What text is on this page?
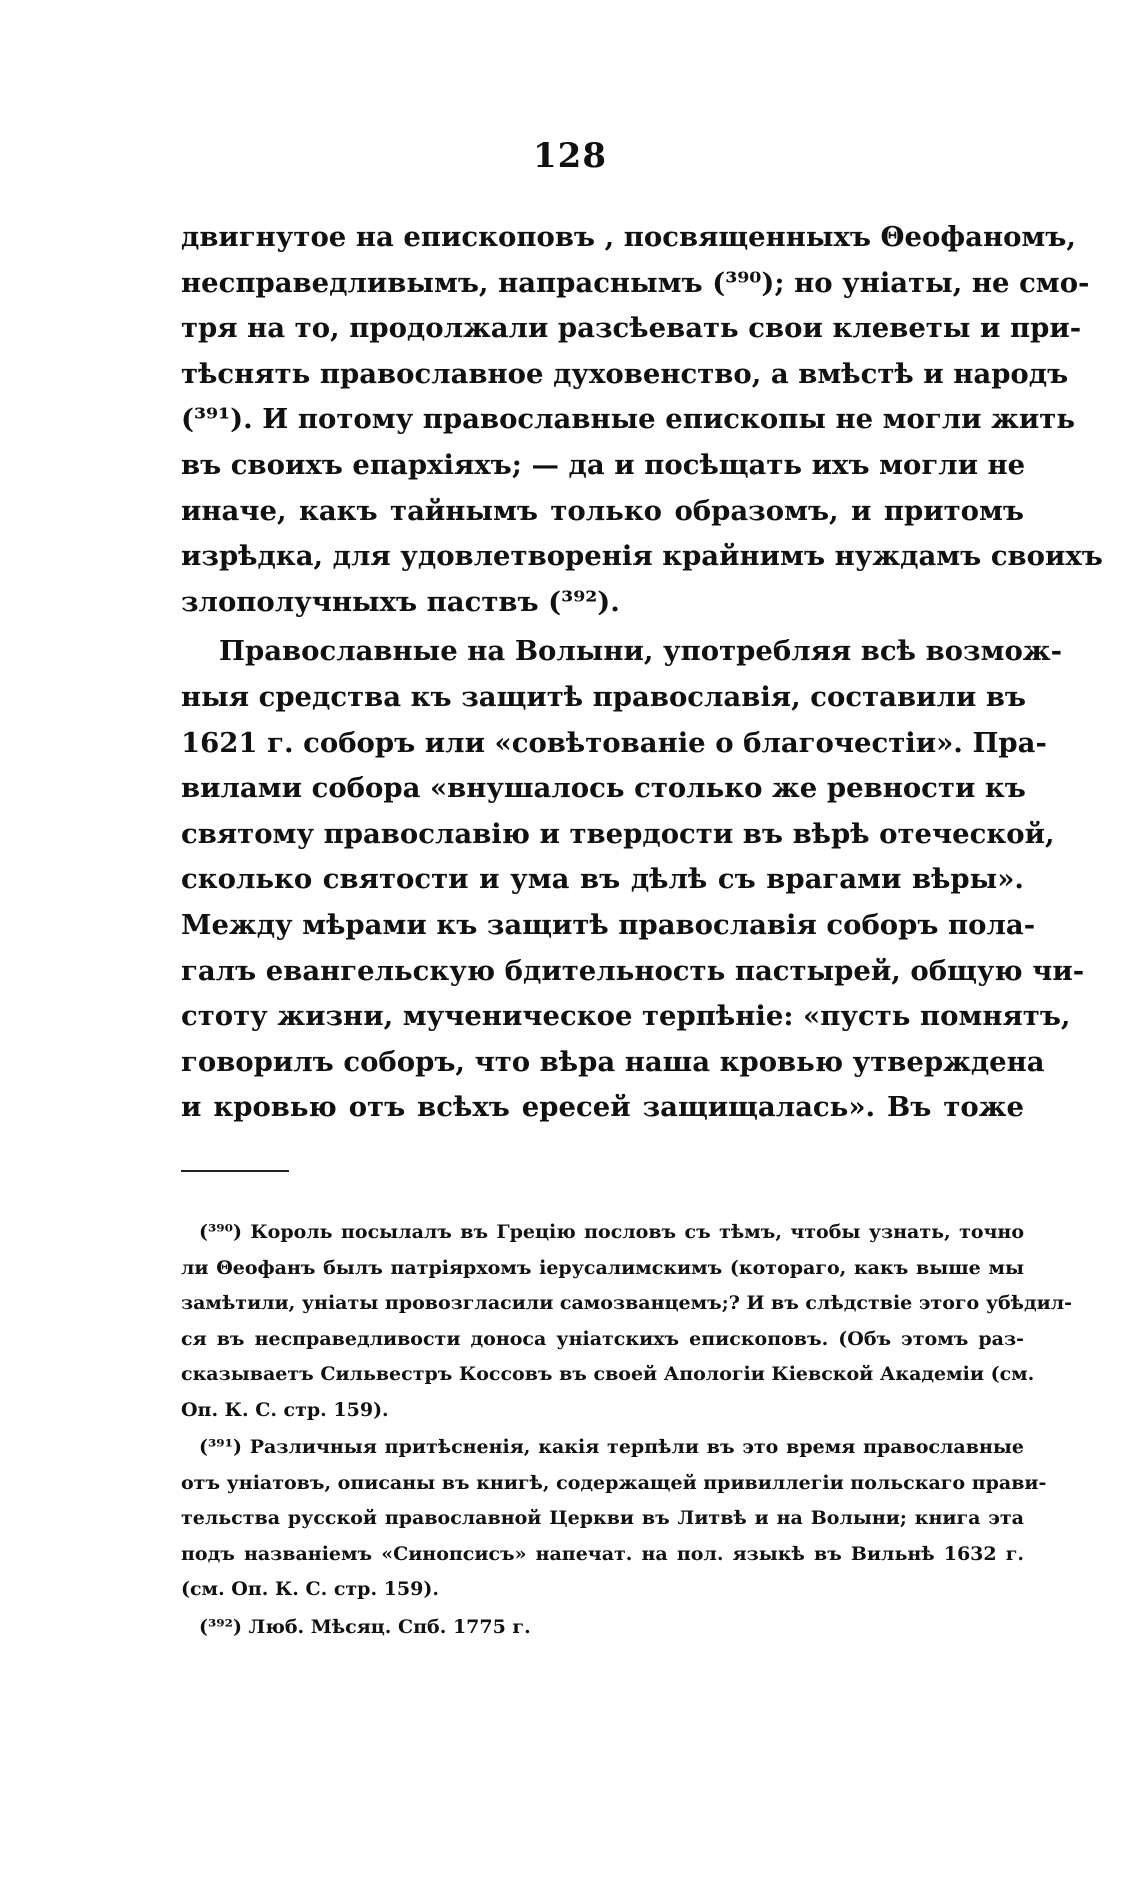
128
двигнутое на епископовъ , посвященныхъ Θеофаномъ,
несправедливымъ, напраснымъ (³⁹⁰); но уніаты, не смо-
тря на то, продолжали разсѣевать свои клеветы и при-
тѣснять православное духовенство, а вмѣстѣ и народъ
(³⁹¹). И потому православные епископы не могли жить
въ своихъ епархіяхъ; — да и посѣщать ихъ могли не
иначе, какъ тайнымъ только образомъ, и притомъ
изрѣдка, для удовлетворенія крайнимъ нуждамъ своихъ
злополучныхъ паствъ (³⁹²).
Православные на Волыни, употребляя всѣ возмож-
ныя средства къ защитѣ православія, составили въ
1621 г. соборъ или «совѣтованіе о благочестіи». Пра-
вилами собора «внушалось столько же ревности къ
святому православію и твердости въ вѣрѣ отеческой,
сколько святости и ума въ дѣлѣ съ врагами вѣры».
Между мѣрами къ защитѣ православія соборъ пола-
галъ евангельскую бдительность пастырей, общую чи-
стоту жизни, мученическое терпѣніе: «пусть помнятъ,
говорилъ соборъ, что вѣра наша кровью утверждена
и кровью отъ всѣхъ ересей защищалась». Въ тоже
(³⁹⁰) Король посылалъ въ Грецію пословъ съ тѣмъ, чтобы узнать, точно
ли Θеофанъ былъ патріярхомъ іерусалимскимъ (котораго, какъ выше мы
замѣтили, уніаты провозгласили самозванцемъ;? И въ слѣдствіе этого убѣдил-
ся въ несправедливости доноса уніатскихъ епископовъ. (Объ этомъ раз-
сказываетъ Сильвестръ Коссовъ въ своей Апологіи Кіевской Академіи (см.
Оп. К. С. стр. 159).
(³⁹¹) Различныя притѣсненія, какія терпѣли въ это время православные
отъ уніатовъ, описаны въ книгѣ, содержащей привиллегіи польскаго прави-
тельства русской православной Церкви въ Литвѣ и на Волыни; книга эта
подъ названіемъ «Синопсисъ» напечат. на пол. языкѣ въ Вильнѣ 1632 г.
(см. Оп. К. С. стр. 159).
(³⁹²) Люб. Мѣсяц. Спб. 1775 г.
